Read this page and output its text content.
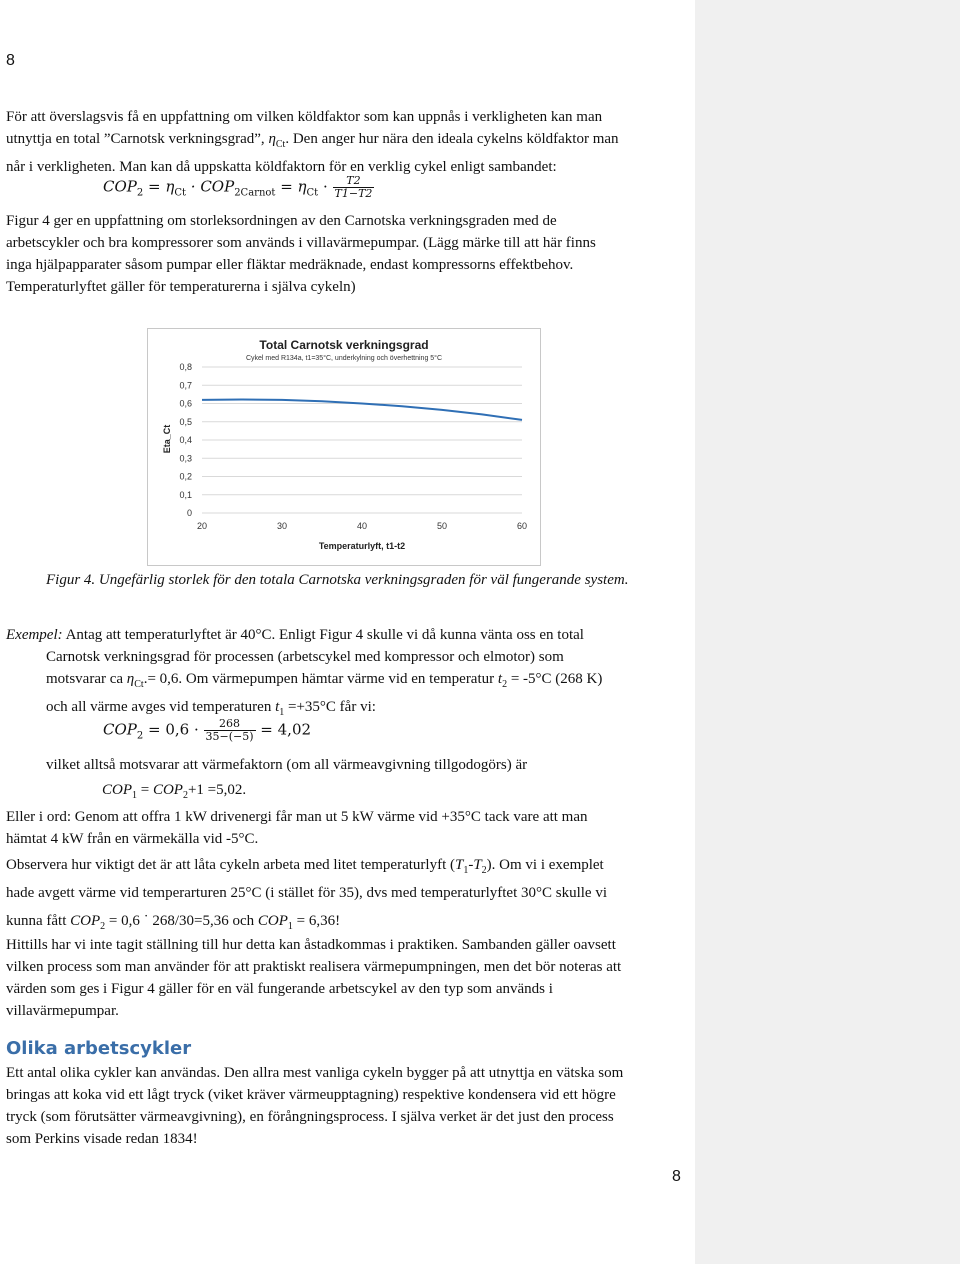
8
För att överslagsvis få en uppfattning om vilken köldfaktor som kan uppnås i verkligheten kan man
utnyttja en total ”Carnotsk verkningsgrad”, $\eta_{Ct}$. Den anger hur nära den ideala cykelns köldfaktor man
når i verkligheten. Man kan då uppskatta köldfaktorn för en verklig cykel enligt sambandet:
$COP_2 = \eta_{Ct} \cdot COP_{2Carnot} = \eta_{Ct} \cdot \frac{T2}{T1-T2}$
Figur 4 ger en uppfattning om storleksordningen av den Carnotska verkningsgraden med de
arbetscykler och bra kompressorer som används i villavärmepumpar. (Lägg märke till att här finns
inga hjälpapparater såsom pumpar eller fläktar medräknade, endast kompressorns effektbehov.
Temperaturlyftet gäller för temperaturerna i själva cykeln)
Total Carnotsk verkningsgrad
Cykel med R134a, t1=35°C, underkylning och överhettning 5°C
Temperaturlyft, t1-t2
Eta_Ct
0
0,1
0,2
0,3
0,4
0,5
0,6
0,7
0,8
20	30	40	50	60
Figur 4. Ungefärlig storlek för den totala Carnotska verkningsgraden för väl fungerande system.
Exempel: Antag att temperaturlyftet är 40°C. Enligt Figur 4 skulle vi då kunna vänta oss en total
Carnotsk verkningsgrad för processen (arbetscykel med kompressor och elmotor) som
motsvarar ca $\eta_{Ct}.= 0,6$. Om värmepumpen hämtar värme vid en temperatur $t_2 = -5^\circ C$ (268 K)
och all värme avges vid temperaturen $t_1 =+35^\circ C$ får vi:
$COP_2 = 0,6 \cdot \frac{268}{35-(-5)} = 4,02$
vilket alltså motsvarar att värmefaktorn (om all värmeavgivning tillgodogörs) är
$COP_1 = COP_2+1 =5,02$.
Eller i ord: Genom att offra 1 kW drivenergi får man ut 5 kW värme vid +35°C tack vare att man
hämtat 4 kW från en värmekälla vid -5°C.
Observera hur viktigt det är att låta cykeln arbeta med litet temperaturlyft $(T_1-T_2)$. Om vi i exemplet
hade avgett värme vid temperarturen 25°C (i stället för 35), dvs med temperaturlyftet 30°C skulle vi
kunna fått $COP_2 = 0,6$ ˙ 268/30=5,36 och $COP_1 = 6,36$!
Hittills har vi inte tagit ställning till hur detta kan åstadkommas i praktiken. Sambanden gäller oavsett
vilken process som man använder för att praktiskt realisera värmepumpningen, men det bör noteras att
värden som ges i Figur 4 gäller för en väl fungerande arbetscykel av den typ som används i
villavärmepumpar.
Olika arbetscykler
Ett antal olika cykler kan användas. Den allra mest vanliga cykeln bygger på att utnyttja en vätska som
bringas att koka vid ett lågt tryck (viket kräver värmeupptagning) respektive kondensera vid ett högre
tryck (som förutsätter värmeavgivning), en förångningsprocess. I själva verket är det just den process
som Perkins visade redan 1834!
8
